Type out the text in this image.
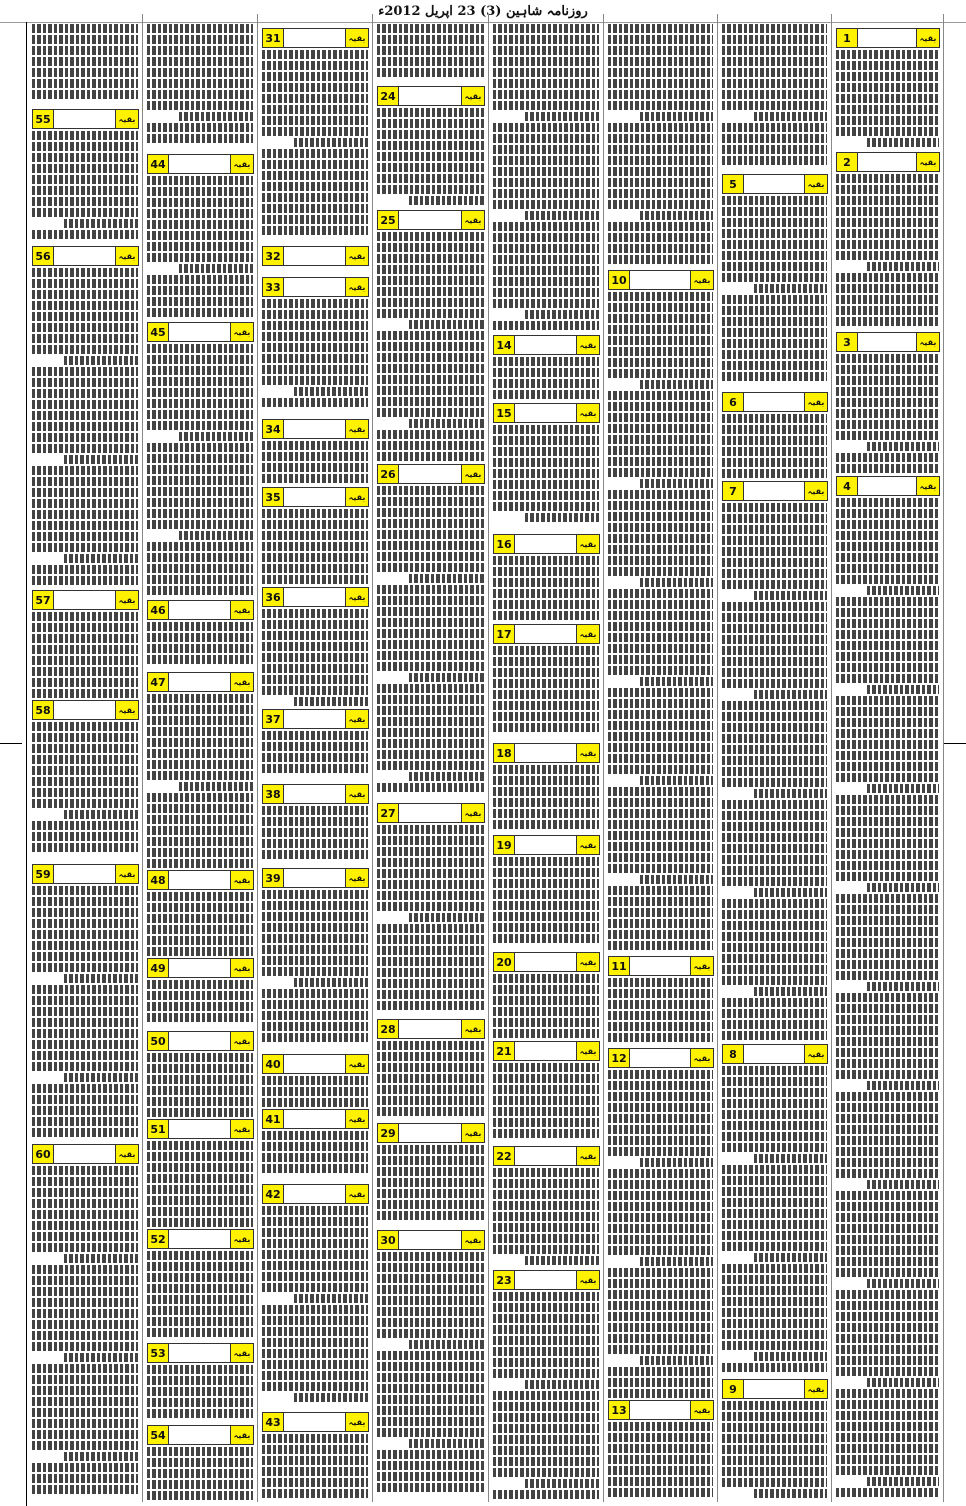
روزنامہ شاہین (3) 23 اپریل 2012ء
1	بقیہ
2	بقیہ
3	بقیہ
4	بقیہ
5	بقیہ
6	بقیہ
7	بقیہ
8	بقیہ
9	بقیہ
10	بقیہ
11	بقیہ
12	بقیہ
13	بقیہ
14	بقیہ
15	بقیہ
16	بقیہ
17	بقیہ
18	بقیہ
19	بقیہ
20	بقیہ
21	بقیہ
22	بقیہ
23	بقیہ
24	بقیہ
25	بقیہ
26	بقیہ
27	بقیہ
28	بقیہ
29	بقیہ
30	بقیہ
31	بقیہ
32	بقیہ
33	بقیہ
34	بقیہ
35	بقیہ
36	بقیہ
37	بقیہ
38	بقیہ
39	بقیہ
40	بقیہ
41	بقیہ
42	بقیہ
43	بقیہ
44	بقیہ
45	بقیہ
46	بقیہ
47	بقیہ
48	بقیہ
49	بقیہ
50	بقیہ
51	بقیہ
52	بقیہ
53	بقیہ
54	بقیہ
55	بقیہ
56	بقیہ
57	بقیہ
58	بقیہ
59	بقیہ
60	بقیہ
